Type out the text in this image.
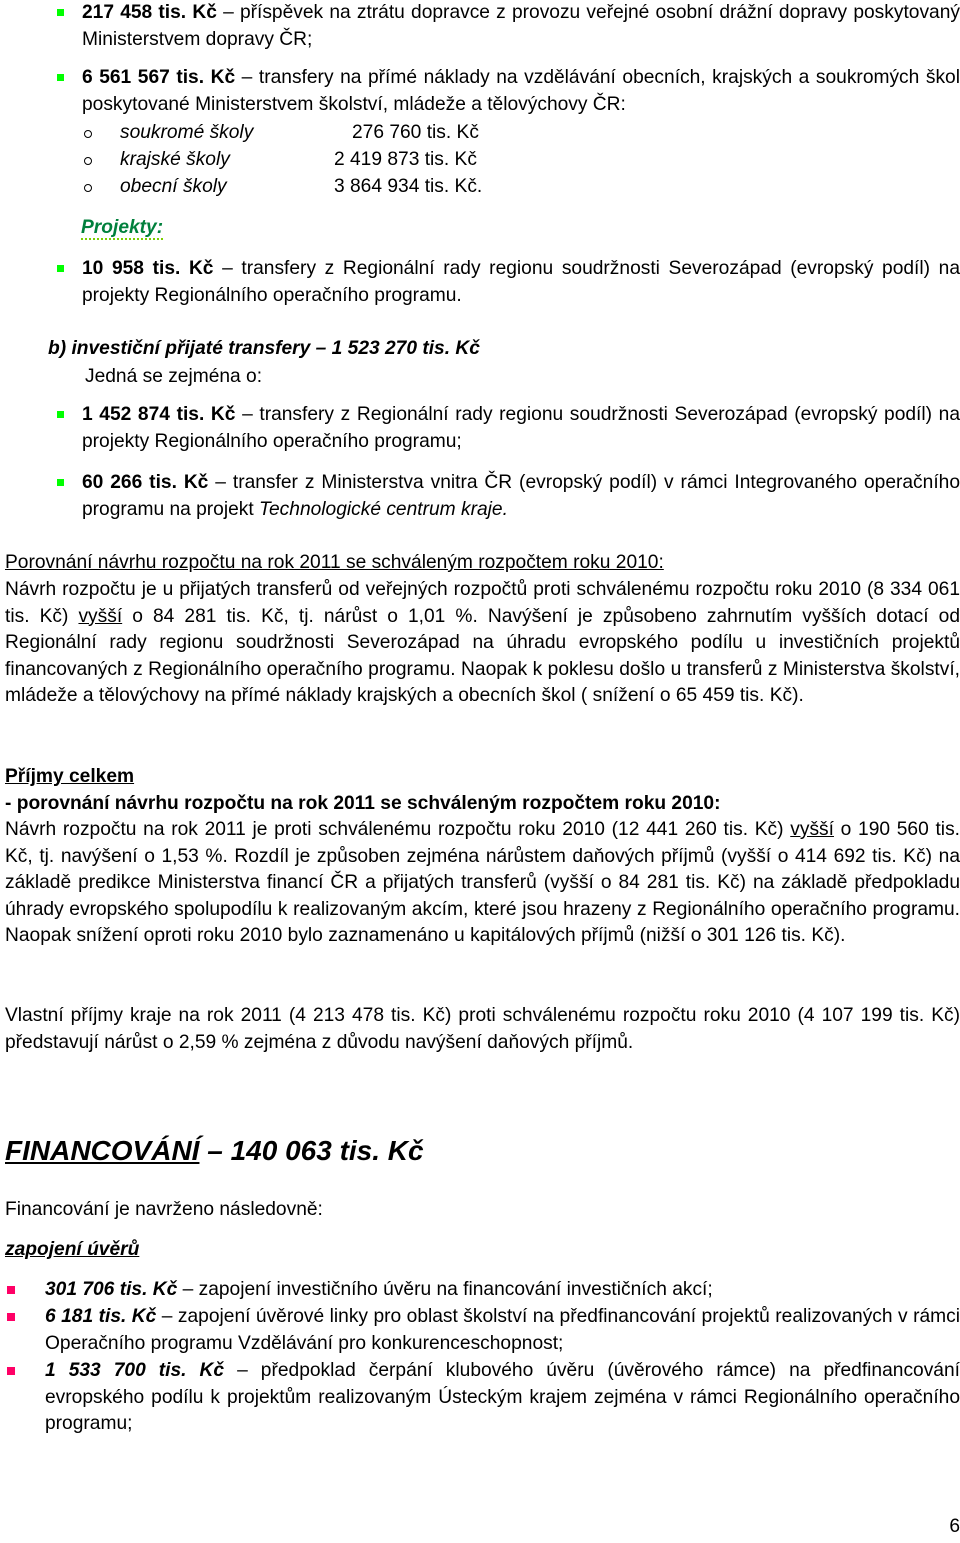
217 458 tis. Kč – příspěvek na ztrátu dopravce z provozu veřejné osobní drážní dopravy poskytovaný Ministerstvem dopravy ČR;
6 561 567 tis. Kč – transfery na přímé náklady na vzdělávání obecních, krajských a soukromých škol poskytované Ministerstvem školství, mládeže a tělovýchovy ČR:
soukromé školy	276 760 tis. Kč
krajské školy	2 419 873 tis. Kč
obecní školy	3 864 934 tis. Kč.
Projekty:
10 958 tis. Kč – transfery z Regionální rady regionu soudržnosti Severozápad (evropský podíl) na projekty Regionálního operačního programu.
b) investiční přijaté transfery – 1 523 270 tis. Kč
Jedná se zejména o:
1 452 874 tis. Kč – transfery z Regionální rady regionu soudržnosti Severozápad (evropský podíl) na projekty Regionálního operačního programu;
60 266 tis. Kč – transfer z Ministerstva vnitra ČR (evropský podíl) v rámci Integrovaného operačního programu na projekt Technologické centrum kraje.
Porovnání návrhu rozpočtu na rok 2011 se schváleným rozpočtem roku 2010:
Návrh rozpočtu je u přijatých transferů od veřejných rozpočtů proti schválenému rozpočtu roku 2010 (8 334 061 tis. Kč) vyšší o 84 281 tis. Kč, tj. nárůst o 1,01 %. Navýšení je způsobeno zahrnutím vyšších dotací od Regionální rady regionu soudržnosti Severozápad na úhradu evropského podílu u investičních projektů financovaných z Regionálního operačního programu. Naopak k poklesu došlo u transferů z Ministerstva školství, mládeže a tělovýchovy na přímé náklady krajských a obecních škol ( snížení o 65 459 tis. Kč).
Příjmy celkem
- porovnání návrhu rozpočtu na rok 2011 se schváleným rozpočtem roku 2010:
Návrh rozpočtu na rok 2011 je proti schválenému rozpočtu roku 2010 (12 441 260 tis. Kč) vyšší o 190 560 tis. Kč, tj. navýšení o 1,53 %. Rozdíl je způsoben zejména nárůstem daňových příjmů (vyšší o 414 692 tis. Kč) na základě predikce Ministerstva financí ČR a přijatých transferů (vyšší o 84 281 tis. Kč) na základě předpokladu úhrady evropského spolupodílu k realizovaným akcím, které jsou hrazeny z Regionálního operačního programu. Naopak snížení oproti roku 2010 bylo zaznamenáno u kapitálových příjmů (nižší o 301 126 tis. Kč).
Vlastní příjmy kraje na rok 2011 (4 213 478 tis. Kč) proti schválenému rozpočtu roku 2010 (4 107 199 tis. Kč) představují nárůst o 2,59 % zejména z důvodu navýšení daňových příjmů.
FINANCOVÁNÍ – 140 063 tis. Kč
Financování je navrženo následovně:
zapojení úvěrů
301 706 tis. Kč – zapojení investičního úvěru na financování investičních akcí;
6 181 tis. Kč – zapojení úvěrové linky pro oblast školství na předfinancování projektů realizovaných v rámci Operačního programu Vzdělávání pro konkurenceschopnost;
1 533 700 tis. Kč – předpoklad čerpání klubového úvěru (úvěrového rámce) na předfinancování evropského podílu k projektům realizovaným Ústeckým krajem zejména v rámci Regionálního operačního programu;
6
